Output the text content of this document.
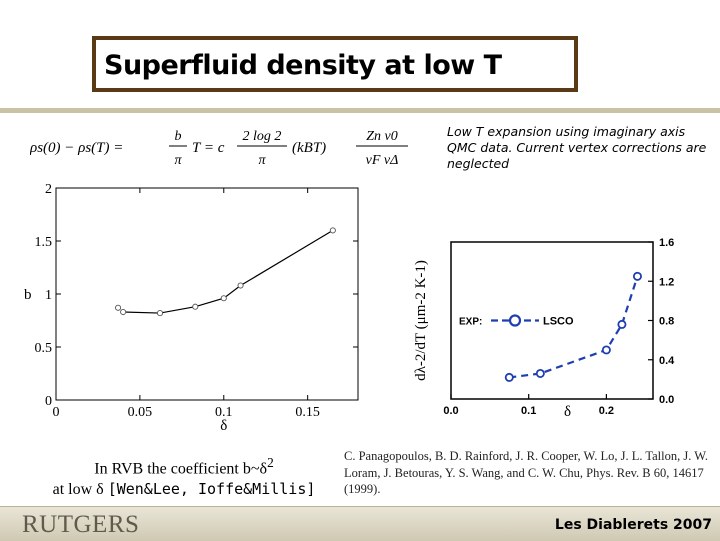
Superfluid density at low T
ρs(0) − ρs(T) =
b
π
T = c
2 log 2
π
(kBT)
Zn v0
vF vΔ
Low T expansion using imaginary axis QMC data. Current vertex corrections are neglected
0
0.5
1
1.5
2
0	0.05	0.1	0.15
δ
b
0.0
0.4
0.8
1.2
1.6
0.0	0.1	0.2
δ
dλ-2/dT (μm-2 K-1)	EXP:	LSCO
In RVB the coefficient $b\sim\delta^2$
at low δ [Wen&Lee, Ioffe&Millis]
C. Panagopoulos, B. D. Rainford, J. R. Cooper, W. Lo, J. L. Tallon, J. W. Loram, J. Betouras, Y. S. Wang, and C. W. Chu, Phys. Rev. B 60, 14617 (1999).
RUTGERS	Les Diablerets 2007
